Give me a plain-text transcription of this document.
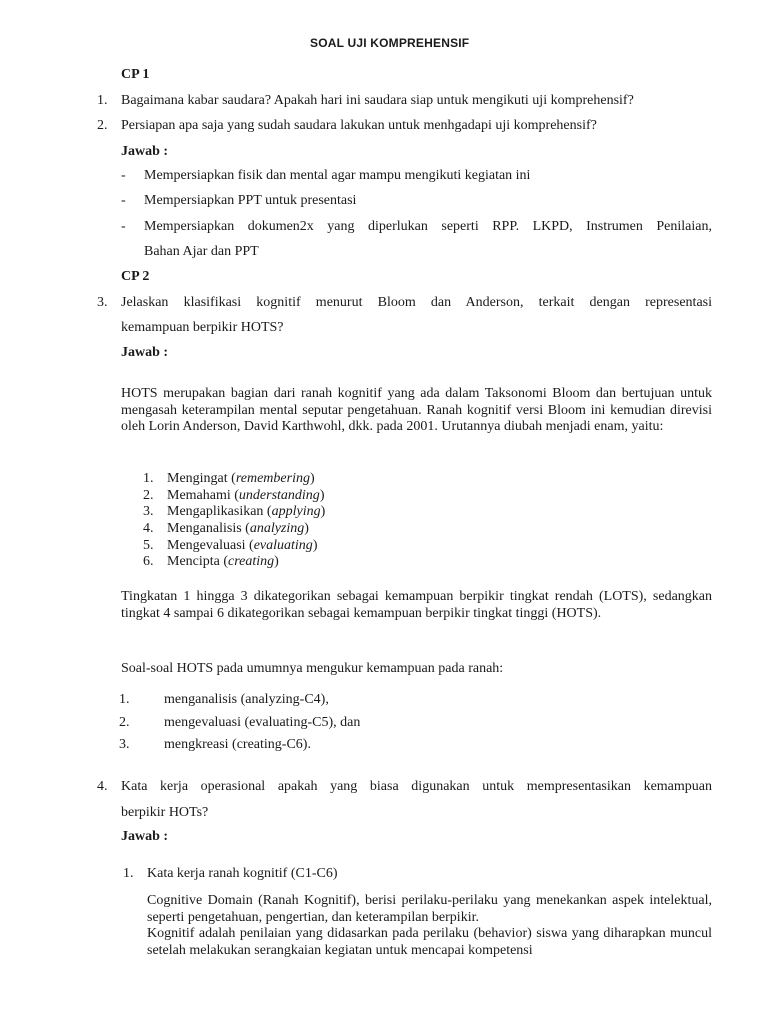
SOAL UJI KOMPREHENSIF
CP 1
1. Bagaimana kabar saudara? Apakah hari ini saudara siap untuk mengikuti uji komprehensif?
2. Persiapan apa saja yang sudah saudara lakukan untuk menhgadapi uji komprehensif?
Jawab :
- Mempersiapkan fisik dan mental agar mampu mengikuti kegiatan ini
- Mempersiapkan PPT untuk presentasi
- Mempersiapkan dokumen2x yang diperlukan seperti RPP. LKPD, Instrumen Penilaian,
Bahan Ajar dan PPT
CP 2
3. Jelaskan klasifikasi kognitif menurut Bloom dan Anderson, terkait dengan representasi
kemampuan berpikir HOTS?
Jawab :
HOTS merupakan bagian dari ranah kognitif yang ada dalam Taksonomi Bloom dan bertujuan untuk mengasah keterampilan mental seputar pengetahuan. Ranah kognitif versi Bloom ini kemudian direvisi oleh Lorin Anderson, David Karthwohl, dkk. pada 2001. Urutannya diubah menjadi enam, yaitu:
1. Mengingat (remembering)
2. Memahami (understanding)
3. Mengaplikasikan (applying)
4. Menganalisis (analyzing)
5. Mengevaluasi (evaluating)
6. Mencipta (creating)
Tingkatan 1 hingga 3 dikategorikan sebagai kemampuan berpikir tingkat rendah (LOTS), sedangkan tingkat 4 sampai 6 dikategorikan sebagai kemampuan berpikir tingkat tinggi (HOTS).
Soal-soal HOTS pada umumnya mengukur kemampuan pada ranah:
1. menganalisis (analyzing-C4),
2. mengevaluasi (evaluating-C5), dan
3. mengkreasi (creating-C6).
4. Kata kerja operasional apakah yang biasa digunakan untuk mempresentasikan kemampuan
berpikir HOTs?
Jawab :
1. Kata kerja ranah kognitif (C1-C6)
Cognitive Domain (Ranah Kognitif), berisi perilaku-perilaku yang menekankan aspek intelektual, seperti pengetahuan, pengertian, dan keterampilan berpikir.
Kognitif adalah penilaian yang didasarkan pada perilaku (behavior) siswa yang diharapkan muncul setelah melakukan serangkaian kegiatan untuk mencapai kompetensi
